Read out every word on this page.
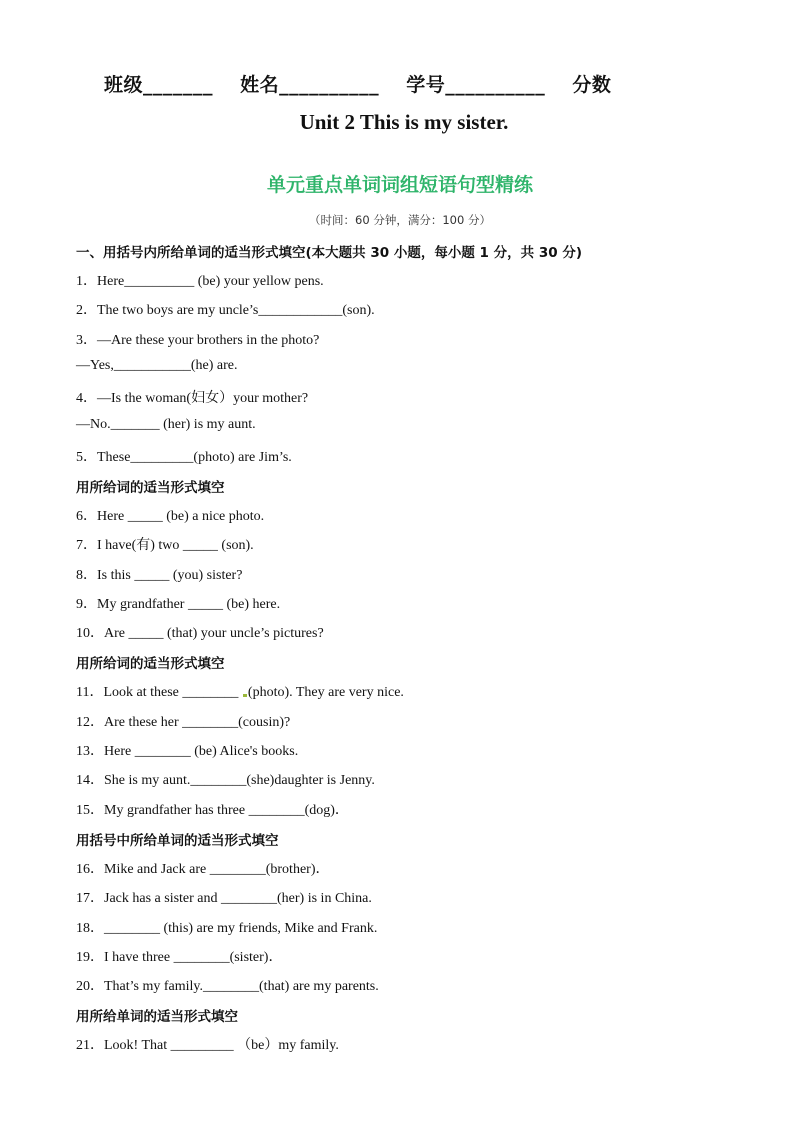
班级_______ 姓名__________ 学号__________ 分数
Unit 2 This is my sister.
单元重点单词词组短语句型精练
（时间：60 分钟，满分：100 分）
一、用括号内所给单词的适当形式填空(本大题共 30 小题，每小题 1 分，共 30 分)
1．Here__________ (be) your yellow pens.
2．The two boys are my uncle’s____________(son).
3．—Are these your brothers in the photo?
—Yes,___________(he) are.
4．—Is the woman(妇女）your mother?
—No._______ (her) is my aunt.
5．These_________(photo) are Jim’s.
用所给词的适当形式填空
6．Here _____ (be) a nice photo.
7．I have(有) two _____ (son).
8．Is this _____ (you) sister?
9．My grandfather _____ (be) here.
10．Are _____ (that) your uncle’s pictures?
用所给词的适当形式填空
11．Look at these ________ (photo). They are very nice.
12．Are these her ________(cousin)?
13．Here ________ (be) Alice's books.
14．She is my aunt.________(she)daughter is Jenny.
15．My grandfather has three ________(dog)．
用括号中所给单词的适当形式填空
16．Mike and Jack are ________(brother)．
17．Jack has a sister and ________(her) is in China.
18．________ (this) are my friends, Mike and Frank.
19．I have three ________(sister)．
20．That’s my family.________(that) are my parents.
用所给单词的适当形式填空
21．Look! That _________ （be）my family.
